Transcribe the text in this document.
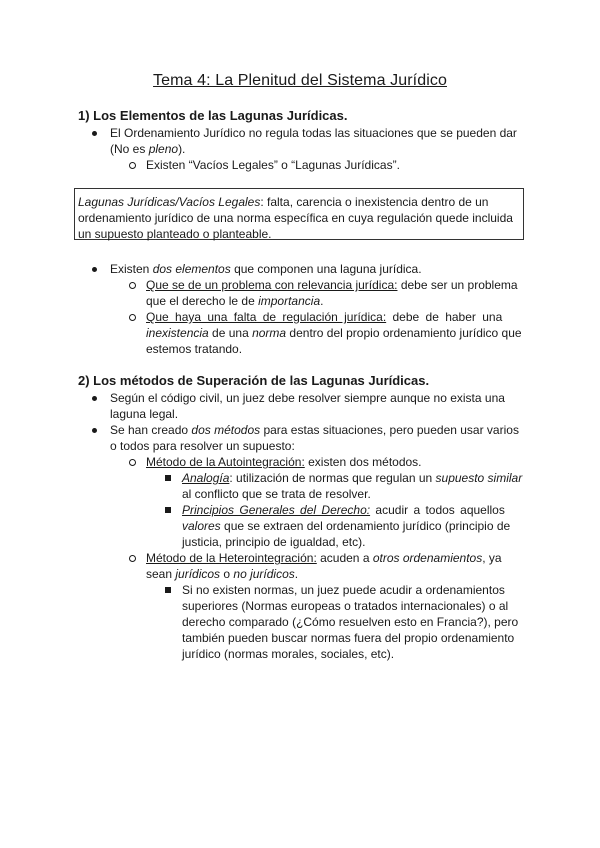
Tema 4: La Plenitud del Sistema Jurídico
1) Los Elementos de las Lagunas Jurídicas.
El Ordenamiento Jurídico no regula todas las situaciones que se pueden dar
(No es pleno).
Existen “Vacíos Legales” o “Lagunas Jurídicas”.
Lagunas Jurídicas/Vacíos Legales: falta, carencia o inexistencia dentro de un
ordenamiento jurídico de una norma específica en cuya regulación quede incluida
un supuesto planteado o planteable.
Existen dos elementos que componen una laguna jurídica.
Que se de un problema con relevancia jurídica: debe ser un problema
que el derecho le de importancia.
Que haya una falta de regulación jurídica: debe de haber una
inexistencia de una norma dentro del propio ordenamiento jurídico que
estemos tratando.
2) Los métodos de Superación de las Lagunas Jurídicas.
Según el código civil, un juez debe resolver siempre aunque no exista una
laguna legal.
Se han creado dos métodos para estas situaciones, pero pueden usar varios
o todos para resolver un supuesto:
Método de la Autointegración: existen dos métodos.
Analogía: utilización de normas que regulan un supuesto similar
al conflicto que se trata de resolver.
Principios Generales del Derecho: acudir a todos aquellos
valores que se extraen del ordenamiento jurídico (principio de
justicia, principio de igualdad, etc).
Método de la Heterointegración: acuden a otros ordenamientos, ya
sean jurídicos o no jurídicos.
Si no existen normas, un juez puede acudir a ordenamientos
superiores (Normas europeas o tratados internacionales) o al
derecho comparado (¿Cómo resuelven esto en Francia?), pero
también pueden buscar normas fuera del propio ordenamiento
jurídico (normas morales, sociales, etc).
